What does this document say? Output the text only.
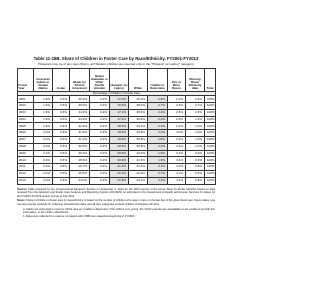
Table 11-18B. Share of Children in Foster Care by Race/Ethnicity, FY2001-FY2013
Hispanics may be of any race (that is, all Hispanic children are counted only in the "Hispanic (or Latino)" category)
Fiscal Year	American Indian or Alaska Native	Asian	Black (or African American)	Native Hawaiian or Other Pacific Islander	Hispanic (or Latino)	White	Unable to Determine	Two or More Races	Missing Race/ Ethnicity data	Total
Percentage of Children in Foster Care										
2001	1.9%	0.6%	36.3%	0.2%	17.0%	36.5%	2.8%	2.1%	2.5%	100%
2002	1.9%	0.6%	35.0%	0.2%	16.5%	38.0%	2.7%	2.5%	2.7%	100%
2003	1.9%	0.6%	34.0%	0.2%	17.1%	38.6%	2.4%	2.6%	2.5%	100%
2004	1.9%	0.6%	33.9%	0.2%	17.4%	39.9%	2.3%	2.5%	1.3%	100%
2005	1.9%	0.6%	32.9%	0.2%	18.3%	40.4%	2.3%	2.4%	1.0%	100%
2006	2.0%	0.6%	31.9%	0.3%	19.6%	39.8%	2.0%	3.0%	1.0%	100%
2007	2.0%	0.6%	31.3%	0.3%	19.9%	39.8%	1.8%	3.3%	1.0%	100%
2008	2.0%	0.6%	30.5%	0.2%	20.5%	39.8%	2.0%	3.4%	1.0%	100%
2009	2.1%	0.6%	30.3%	0.2%	20.6%	40.0%	1.9%	3.4%	0.9%	100%
2010	2.0%	0.5%	28.9%	0.2%	20.9%	41.3%	1.9%	3.4%	0.9%	100%
2011	2.0%	0.5%	26.7%	0.2%	21.3%	41.4%	3.1%	4.0%	0.8%	100%
2012	2.0%	0.5%	25.5%	0.2%	21.4%	42.0%	3.7%	4.1%	0.6%	100%
2013	2.0%	0.5%	24.0%	0.2%	21.8%	42.1%	4.2%	4.4%	0.8%	100%

Source: Table prepared by the Congressional Research Service on September 2, 2014 for the 2014 version of the Green Book by Emilie Stoltzfus based on data received from the Adoption and Foster Care Analysis and Reporting System (AFCARS) as submitted to the Department of Health and Human Services by states for the FY2001-FY2013 period, and as of July 2014.

Notes: Share of children in foster care by race/ethnicity is based on the number of children who were in care on the last day of the given fiscal year. Some states may use less precise methods for collecting race/ethnicity data, and all race categories exclude children of Hispanic ethnicity.

a. States are instructed to report a child's race as "unable to determine" if the child is very young, the child's parents are unavailable or are unable to provide this information, or the child is abandoned.

b. Data were collected in a manner consistent with OMB race categories beginning in FY2000.
